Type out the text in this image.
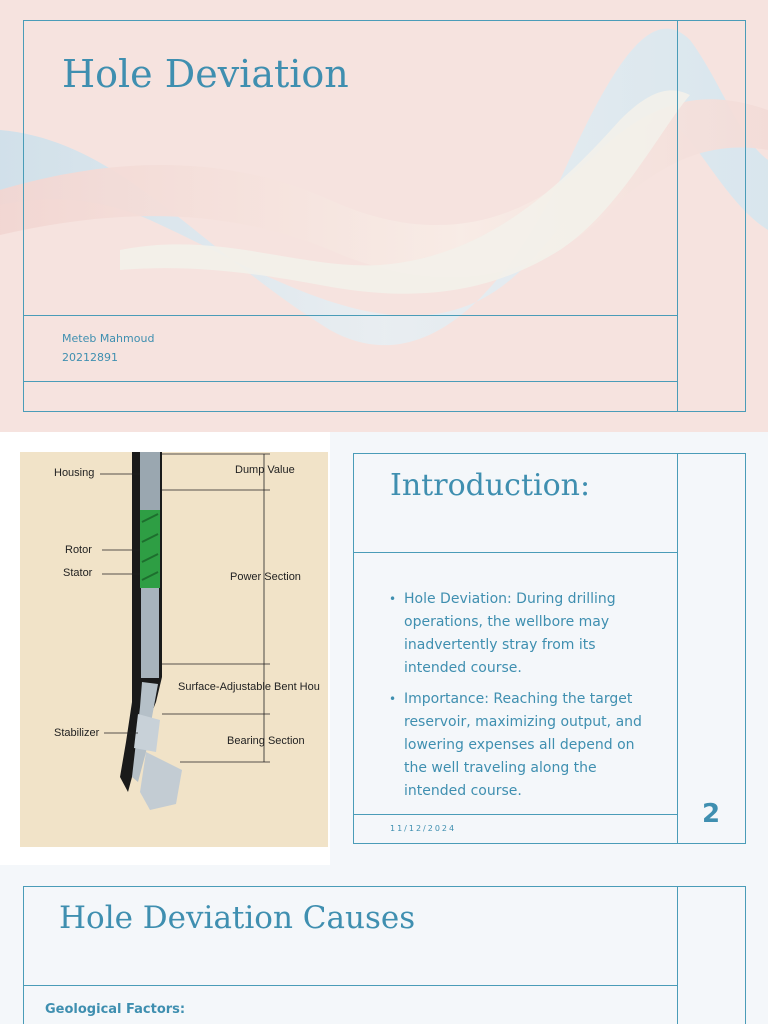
Hole Deviation
Meteb Mahmoud
20212891
Housing	Dump Value
Rotor
Stator	Power Section
Surface-Adjustable Bent Hou
Stabilizer
Bearing Section
Introduction:
• Hole Deviation: During drilling operations, the wellbore may inadvertently stray from its intended course.
• Importance: Reaching the target reservoir, maximizing output, and lowering expenses all depend on the well traveling along the intended course.
11/12/2024	2
Hole Deviation Causes
Geological Factors:
